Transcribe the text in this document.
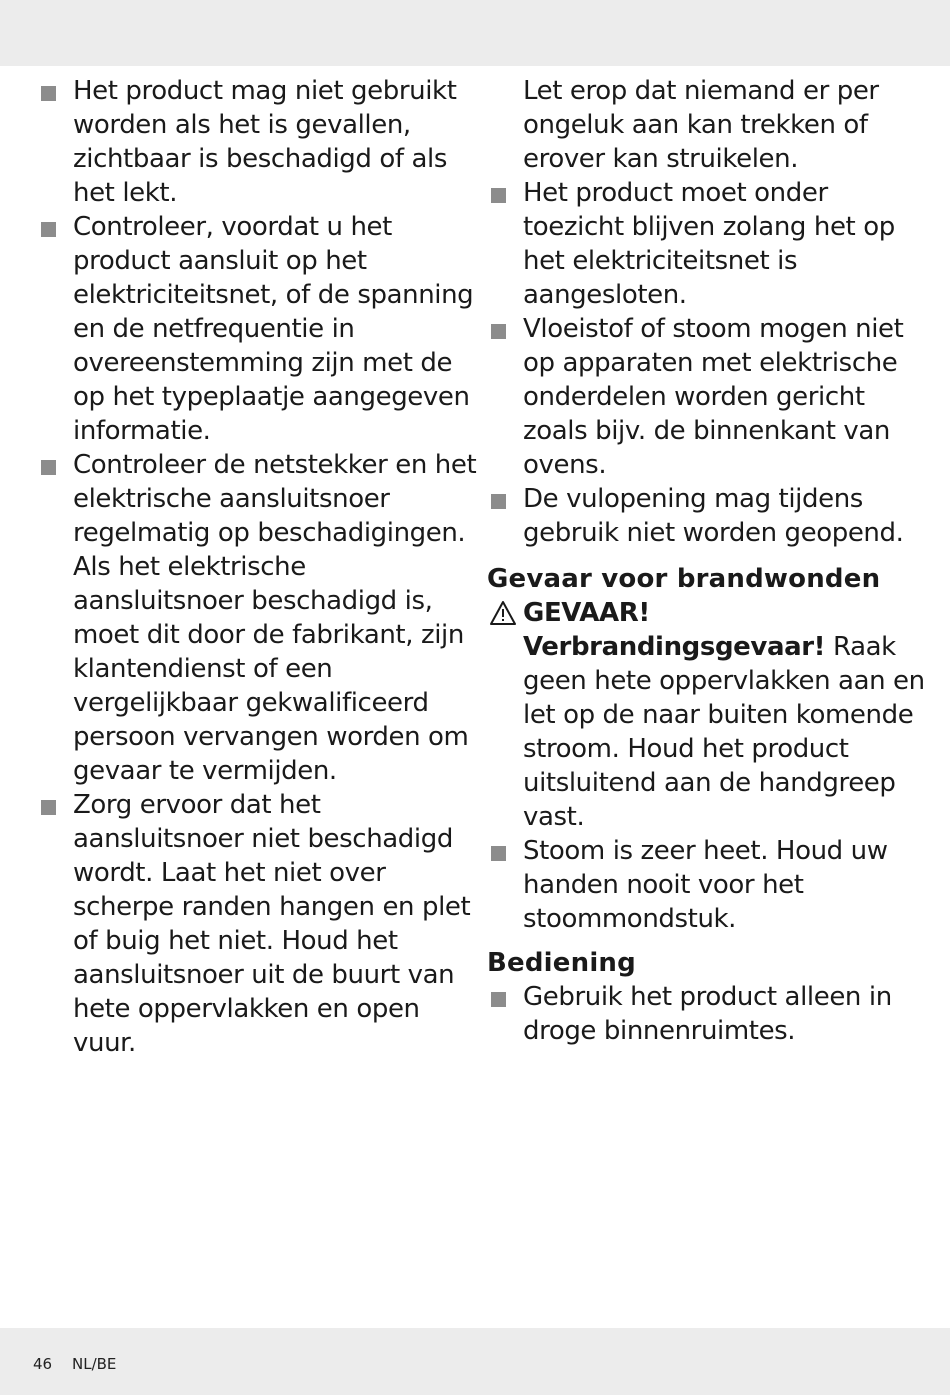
Het product mag niet gebruikt worden als het is gevallen, zichtbaar is beschadigd of als het lekt.
Controleer, voordat u het product aansluit op het elektriciteitsnet, of de spanning en de netfrequentie in overeenstemming zijn met de op het typeplaatje aangegeven informatie.
Controleer de netstekker en het elektrische aansluitsnoer regelmatig op beschadigingen. Als het elektrische aansluitsnoer beschadigd is, moet dit door de fabrikant, zijn klantendienst of een vergelijkbaar gekwalificeerd persoon vervangen worden om gevaar te vermijden.
Zorg ervoor dat het aansluitsnoer niet beschadigd wordt. Laat het niet over scherpe randen hangen en plet of buig het niet. Houd het aansluitsnoer uit de buurt van hete oppervlakken en open vuur.
Let erop dat niemand er per ongeluk aan kan trekken of erover kan struikelen.
Het product moet onder toezicht blijven zolang het op het elektriciteitsnet is aangesloten.
Vloeistof of stoom mogen niet op apparaten met elektrische onderdelen worden gericht zoals bijv. de binnenkant van ovens.
De vulopening mag tijdens gebruik niet worden geopend.
Gevaar voor brandwonden
GEVAAR!
Verbrandingsgevaar! Raak geen hete oppervlakken aan en let op de naar buiten komende stroom. Houd het product uitsluitend aan de handgreep vast.
Stoom is zeer heet. Houd uw handen nooit voor het stoommondstuk.
Bediening
Gebruik het product alleen in droge binnenruimtes.
46 NL/BE
